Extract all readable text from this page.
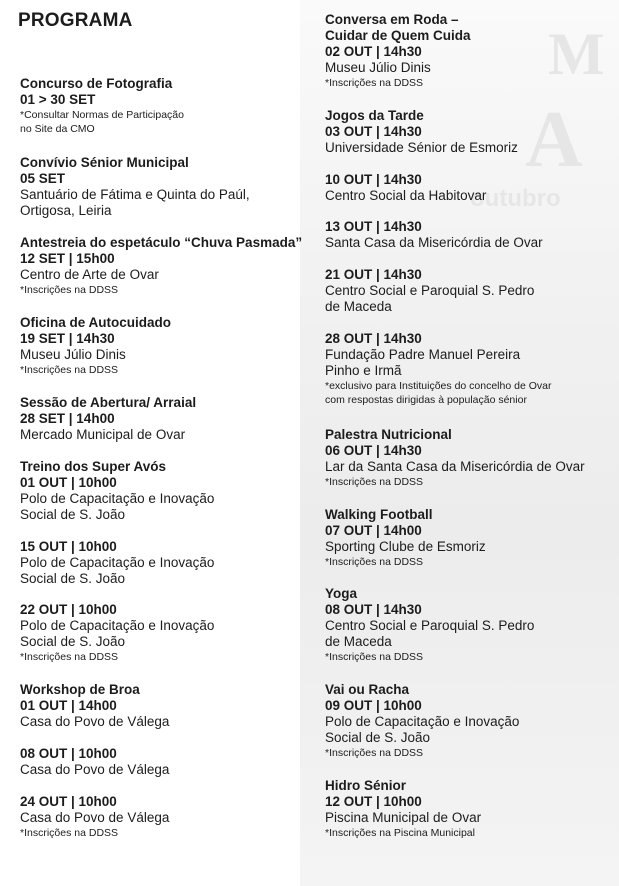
M
A
outubro
PROGRAMA
Concurso de Fotografia
01 > 30 SET
*Consultar Normas de Participação
no Site da CMO
Convívio Sénior Municipal
05 SET
Santuário de Fátima e Quinta do Paúl,
Ortigosa, Leiria
Antestreia do espetáculo “Chuva Pasmada”
12 SET | 15h00
Centro de Arte de Ovar
*Inscrições na DDSS
Oficina de Autocuidado
19 SET | 14h30
Museu Júlio Dinis
*Inscrições na DDSS
Sessão de Abertura/ Arraial
28 SET | 14h00
Mercado Municipal de Ovar
Treino dos Super Avós
01 OUT | 10h00
Polo de Capacitação e Inovação
Social de S. João
15 OUT | 10h00
Polo de Capacitação e Inovação
Social de S. João
22 OUT | 10h00
Polo de Capacitação e Inovação
Social de S. João
*Inscrições na DDSS
Workshop de Broa
01 OUT | 14h00
Casa do Povo de Válega
08 OUT | 10h00
Casa do Povo de Válega
24 OUT | 10h00
Casa do Povo de Válega
*Inscrições na DDSS
Conversa em Roda –
Cuidar de Quem Cuida
02 OUT | 14h30
Museu Júlio Dinis
*Inscrições na DDSS
Jogos da Tarde
03 OUT | 14h30
Universidade Sénior de Esmoriz
10 OUT | 14h30
Centro Social da Habitovar
13 OUT | 14h30
Santa Casa da Misericórdia de Ovar
21 OUT | 14h30
Centro Social e Paroquial S. Pedro
de Maceda
28 OUT | 14h30
Fundação Padre Manuel Pereira
Pinho e Irmã
*exclusivo para Instituições do concelho de Ovar
com respostas dirigidas à população sénior
Palestra Nutricional
06 OUT | 14h30
Lar da Santa Casa da Misericórdia de Ovar
*Inscrições na DDSS
Walking Football
07 OUT | 14h00
Sporting Clube de Esmoriz
*Inscrições na DDSS
Yoga
08 OUT | 14h30
Centro Social e Paroquial S. Pedro
de Maceda
*Inscrições na DDSS
Vai ou Racha
09 OUT | 10h00
Polo de Capacitação e Inovação
Social de S. João
*Inscrições na DDSS
Hidro Sénior
12 OUT | 10h00
Piscina Municipal de Ovar
*Inscrições na Piscina Municipal
